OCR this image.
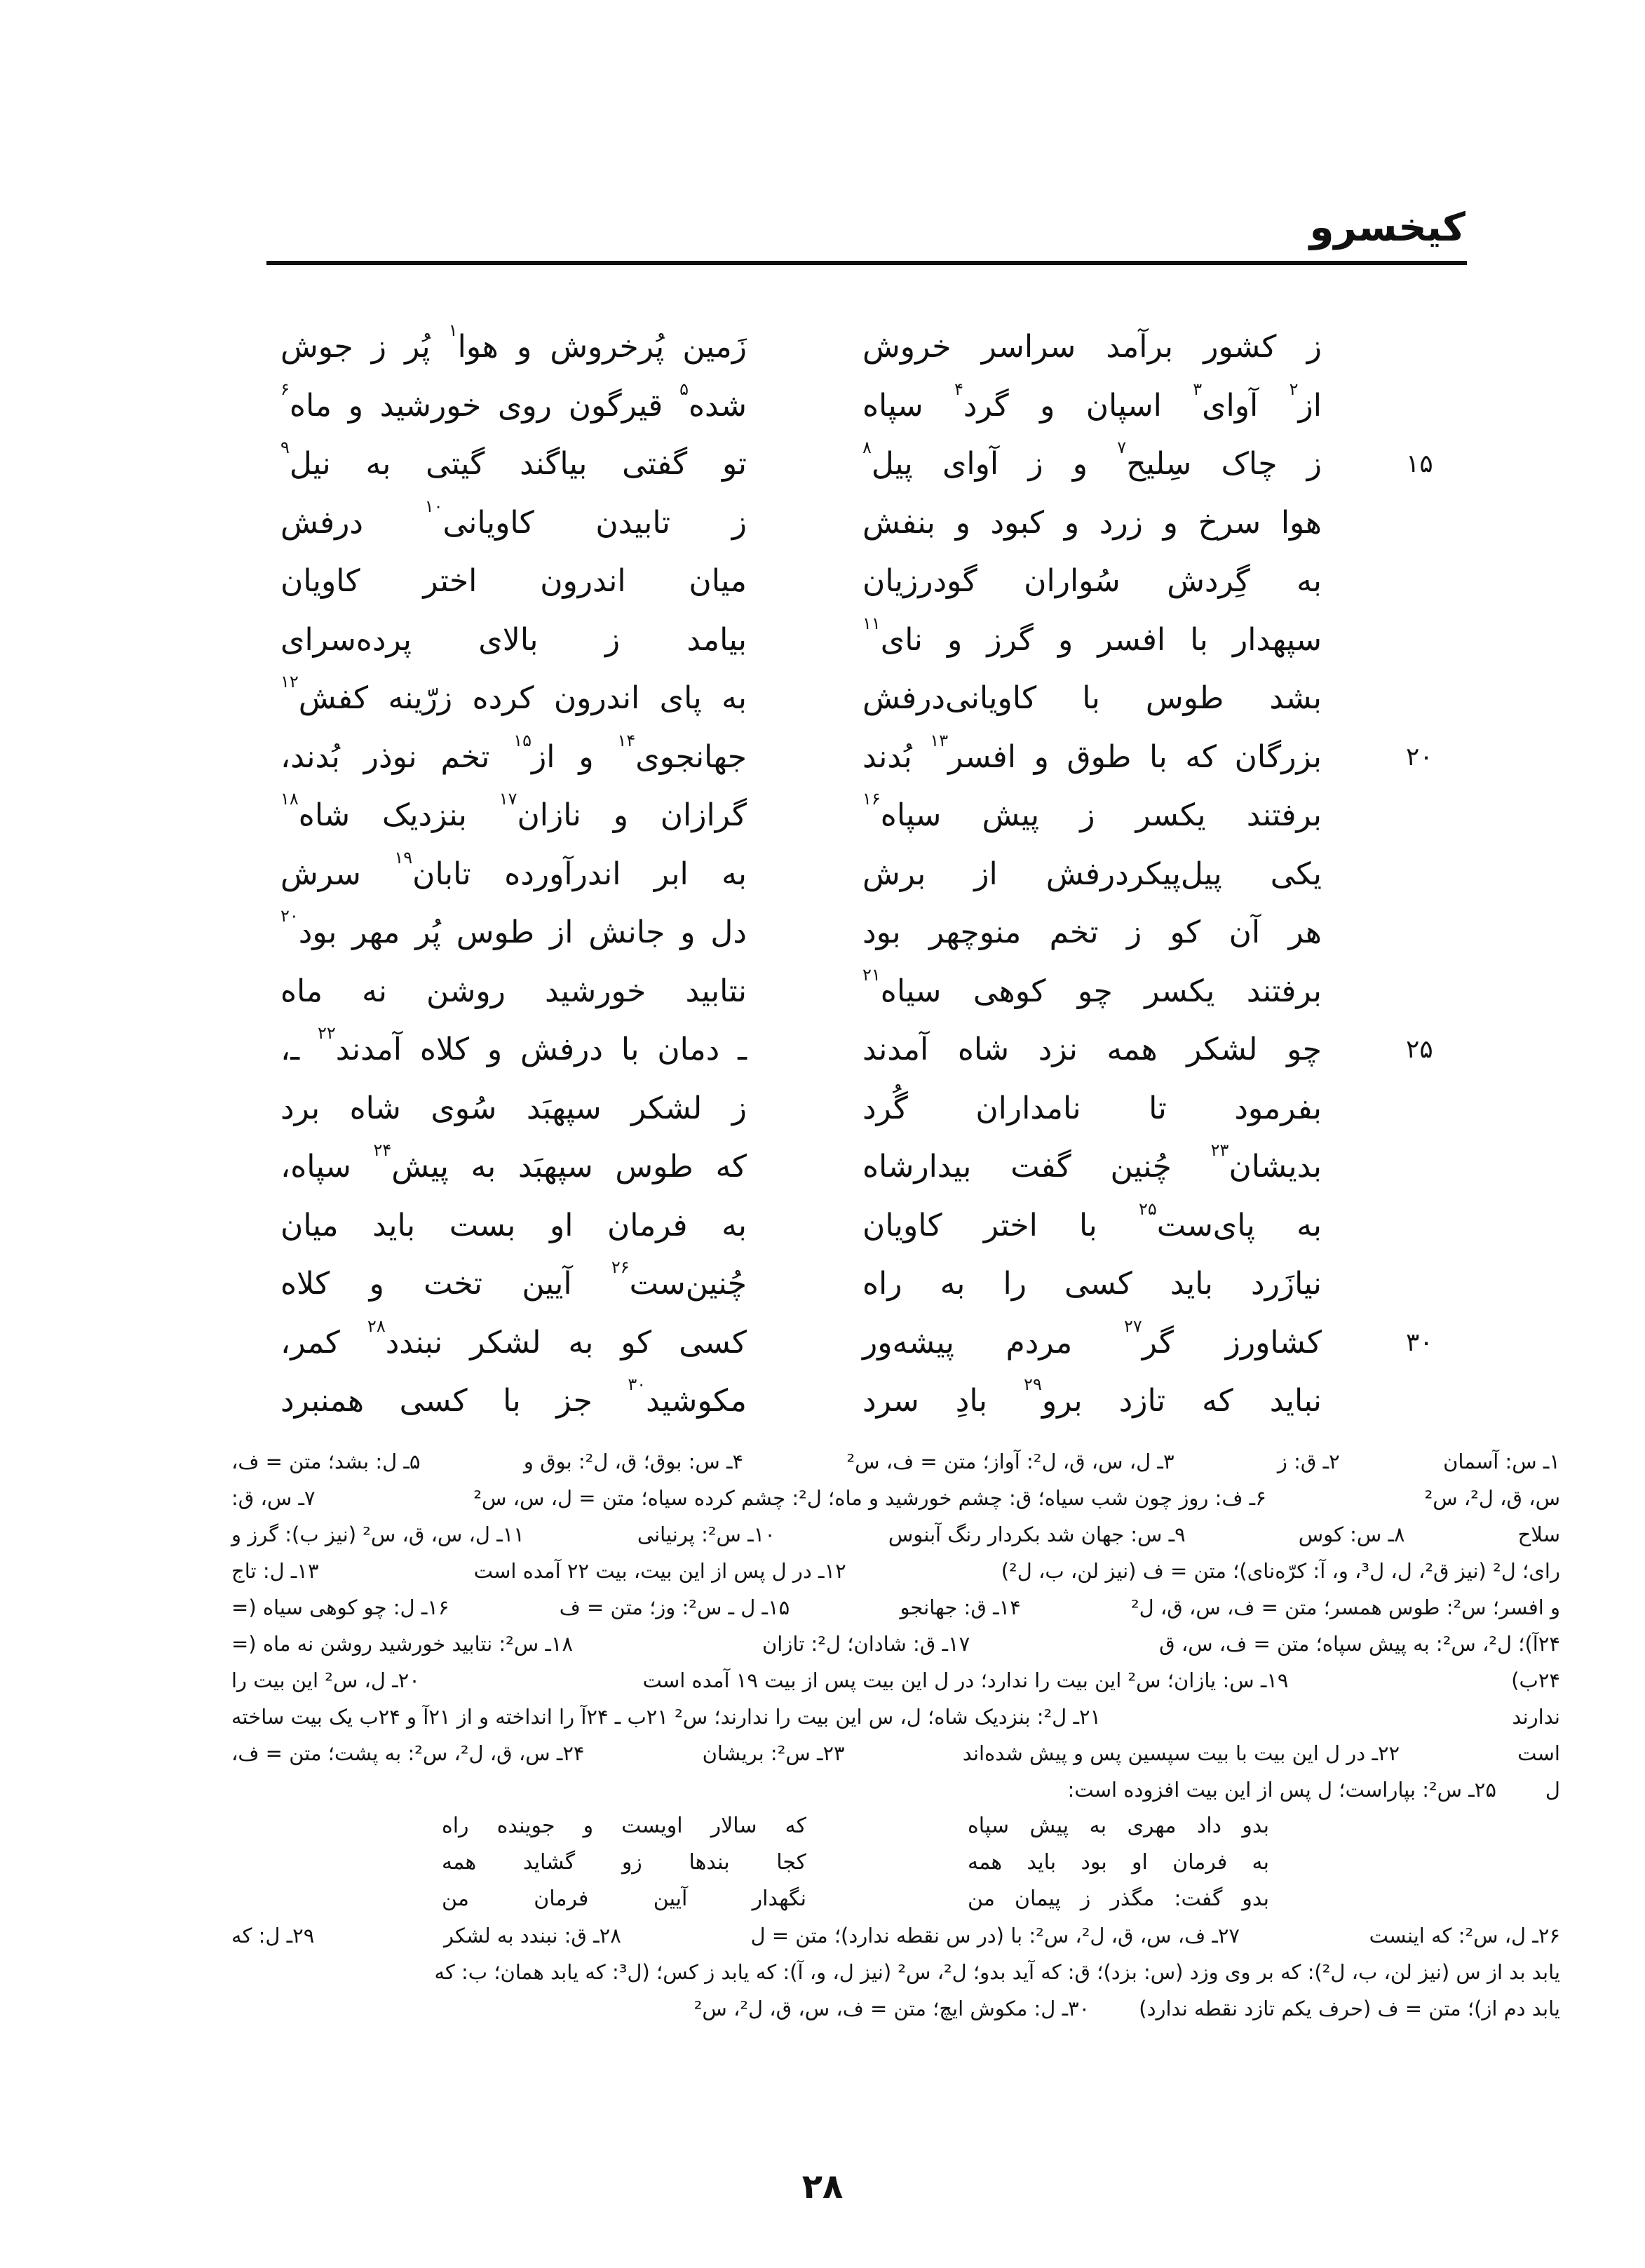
کیخسرو
ز کشور برآمد سراسر خروش
زَمین پُرخروش و هوا$^۱$ پُر ز جوش
از$^۲$ آوای$^۳$ اسپان و گرد$^۴$ سپاه
شده$^۵$ قیرگون روی خورشید و ماه$^۶$
۱۵
ز چاک سِلیح$^۷$ و ز آوای پیل$^۸$
تو گفتی بیاگند گیتی به نیل$^۹$
هوا سرخ و زرد و کبود و بنفش
ز تابیدن کاویانی$^{۱۰}$ درفش
به گِردش سُواران گودرزیان
میان اندرون اختر کاویان
سپهدار با افسر و گرز و نای$^{۱۱}$
بیامد ز بالای پرده‌سرای
بشد طوس با کاویانی‌درفش
به پای اندرون کرده زرّینه کفش$^{۱۲}$
۲۰
بزرگان که با طوق و افسر$^{۱۳}$ بُدند
جهانجوی$^{۱۴}$ و از$^{۱۵}$ تخم نوذر بُدند،
برفتند یکسر ز پیش سپاه$^{۱۶}$
گرازان و نازان$^{۱۷}$ بنزدیک شاه$^{۱۸}$
یکی پیل‌پیکردرفش از برش
به ابر اندرآورده تابان$^{۱۹}$ سرش
هر آن کو ز تخم منوچهر بود
دل و جانش از طوس پُر مهر بود$^{۲۰}$
برفتند یکسر چو کوهی سیاه$^{۲۱}$
نتابید خورشید روشن نه ماه
۲۵
چو لشکر همه نزد شاه آمدند
ـ دمان با درفش و کلاه آمدند$^{۲۲}$ ـ،
بفرمود تا نامداران گُرد
ز لشکر سپهبَد سُوی شاه برد
بدیشان$^{۲۳}$ چُنین گفت بیدارشاه
که طوس سپهبَد به پیش$^{۲۴}$ سپاه،
به پای‌ست$^{۲۵}$ با اختر کاویان
به فرمان او بست باید میان
نیازَرد باید کسی را به راه
چُنین‌ست$^{۲۶}$ آیین تخت و کلاه
۳۰
کشاورز گر$^{۲۷}$ مردم پیشه‌ور
کسی کو به لشکر نبندد$^{۲۸}$ کمر،
نباید که تازد برو$^{۲۹}$ بادِ سرد
مکوشید$^{۳۰}$ جز با کسی همنبرد
۱ـ س: آسمان
۲ـ ق: ز
۳ـ ل، س، ق، ل²: آواز؛ متن = ف، س²
۴ـ س: بوق؛ ق، ل²: بوق و
۵ـ ل: بشد؛ متن = ف،
س، ق، ل²، س²
۶ـ ف: روز چون شب سیاه؛ ق: چشم خورشید و ماه؛ ل²: چشم کرده سیاه؛ متن = ل، س، س²
۷ـ س، ق:
سلاح
۸ـ س: کوس
۹ـ س: جهان شد بکردار رنگ آبنوس
۱۰ـ س²: پرنیانی
۱۱ـ ل، س، ق، س² (نیز ب): گرز و
رای؛ ل² (نیز ق²، ل، ل³، و، آ: کرّه‌نای)؛ متن = ف (نیز لن، ب، ل²)
۱۲ـ در ل پس از این بیت، بیت ۲۲ آمده است
۱۳ـ ل: تاج
و افسر؛ س²: طوس همسر؛ متن = ف، س، ق، ل²
۱۴ـ ق: جهانجو
۱۵ـ ل ـ س²: وز؛ متن = ف
۱۶ـ ل: چو کوهی سیاه (=
۲۴آ)؛ ل²، س²: به پیش سپاه؛ متن = ف، س، ق
۱۷ـ ق: شادان؛ ل²: تازان
۱۸ـ س²: نتابید خورشید روشن نه ماه (=
۲۴ب)
۱۹ـ س: یازان؛ س² این بیت را ندارد؛ در ل این بیت پس از بیت ۱۹ آمده است
۲۰ـ ل، س² این بیت را
ندارند
۲۱ـ ل²: بنزدیک شاه؛ ل، س این بیت را ندارند؛ س² ۲۱ب ـ ۲۴آ را انداخته و از ۲۱آ و ۲۴ب یک بیت ساخته
است
۲۲ـ در ل این بیت با بیت سپسین پس و پیش شده‌اند
۲۳ـ س²: بریشان
۲۴ـ س، ق، ل²، س²: به پشت؛ متن = ف،
ل
۲۵ـ س²: بپاراست؛ ل پس از این بیت افزوده است:
بدو داد مهری به پیش سپاه
که سالار اویست و جوینده راه
به فرمان او بود باید همه
کجا بندها زو گشاید همه
بدو گفت: مگذر ز پیمان من
نگهدار آیین فرمان من
۲۶ـ ل، س²: که اینست
۲۷ـ ف، س، ق، ل²، س²: با (در س نقطه ندارد)؛ متن = ل
۲۸ـ ق: نبندد به لشکر
۲۹ـ ل: که
یابد بد از س (نیز لن، ب، ل²): که بر وی وزد (س: بزد)؛ ق: که آید بدو؛ ل²، س² (نیز ل، و، آ): که یابد ز کس؛ (ل³: که یابد همان؛ ب: که
یابد دم از)؛ متن = ف (حرف یکم تازد نقطه ندارد)
۳۰ـ ل: مکوش ایچ؛ متن = ف، س، ق، ل²، س²
۲۸
